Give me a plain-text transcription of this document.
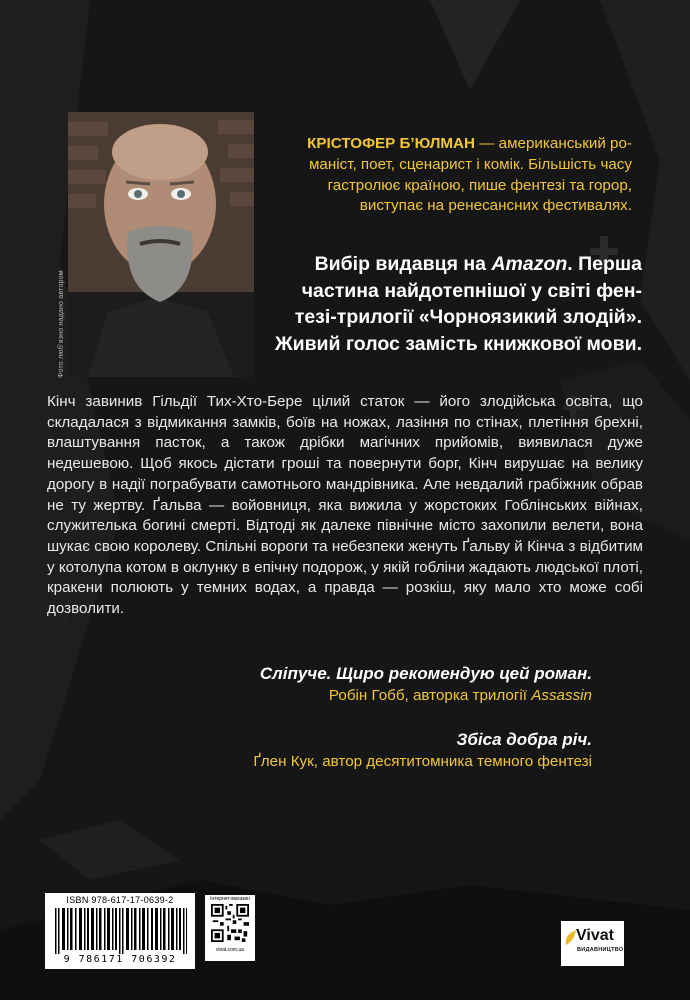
Фото люб’язно надано автором
КРІСТОФЕР Б’ЮЛМАН — американський ро-
маніст, поет, сценарист і комік. Більшість часу
гастролює країною, пише фентезі та горор,
виступає на ренесансних фестивалях.
Вибір видавця на Amazon. Перша
частина найдотепнішої у світі фен-
тезі-трилогії «Чорноязикий злодій».
Живий голос замість книжкової мови.
Кінч завинив Гільдії Тих-Хто-Бере цілий статок — його злодійська освіта, що складалася з відмикання замків, боїв на ножах, лазіння по стінах, плетіння брехні, влаштування пасток, а також дрібки магічних прийомів, виявилася дуже недешевою. Щоб якось дістати гроші та повернути борг, Кінч вирушає на велику дорогу в надії пограбувати самотнього мандрівника. Але невдалий грабіжник обрав не ту жертву. Ґальва — войовниця, яка вижила у жорстоких Гоблінських війнах, служителька богині смерті. Відтоді як далеке північне місто захопили велети, вона шукає свою королеву. Спільні вороги та небезпеки женуть Ґальву й Кінча з відбитим у котолупа котом в оклунку в епічну подорож, у якій гобліни жадають людської плоті, кракени полюють у темних водах, а правда — розкіш, яку мало хто може собі дозволити.
Сліпуче. Щиро рекомендую цей роман.
Робін Гобб, авторка трилогії Assassin
Збіса добра річ.
Ґлен Кук, автор десятитомника темного фентезі
ISBN 978-617-17-0639-2
9 786171 706392
Інтернет-магазин
vivat.com.ua
Vivat
ВИДАВНИЦТВО
